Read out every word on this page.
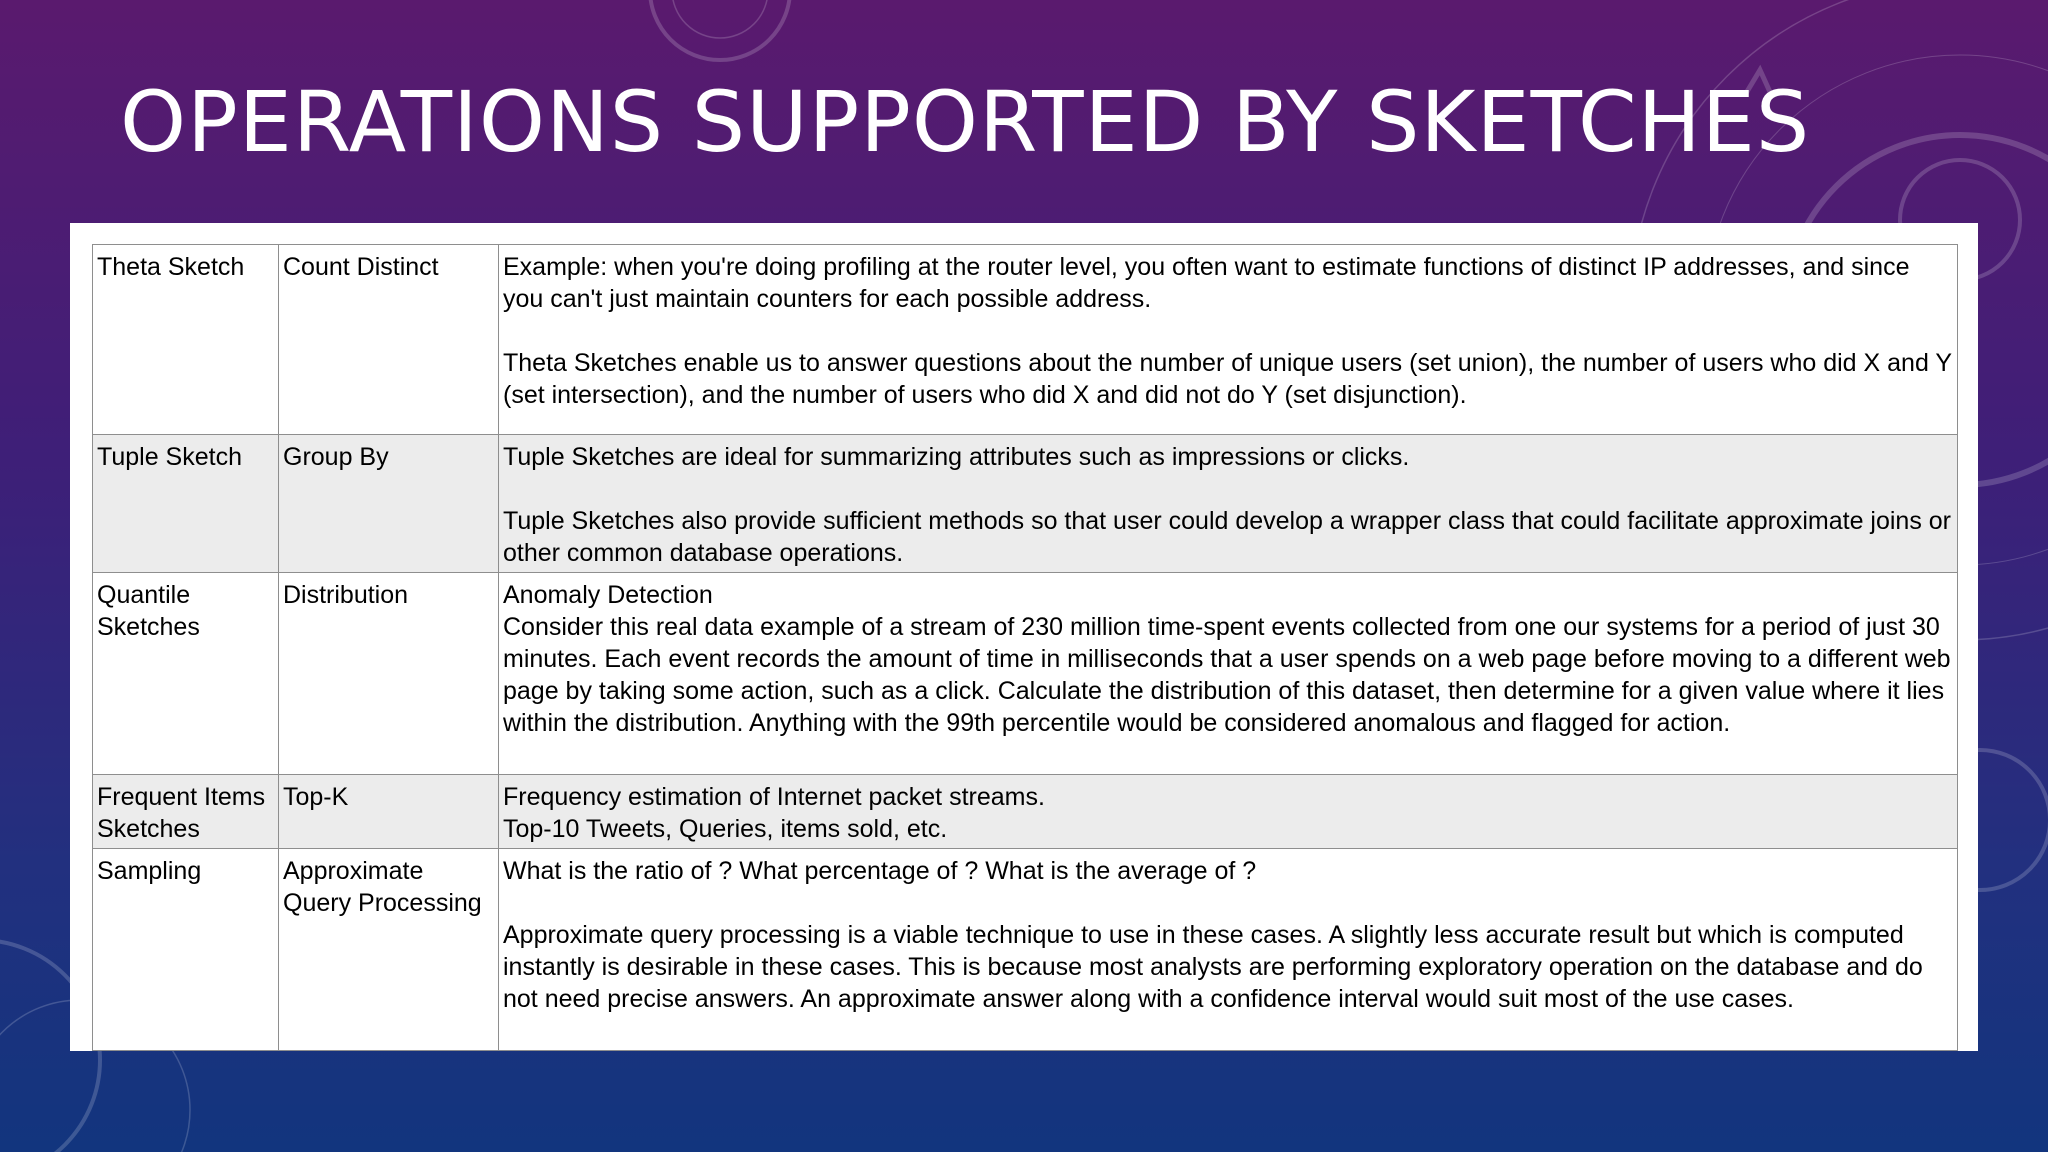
OPERATIONS SUPPORTED BY SKETCHES
Theta Sketch	Count Distinct	Example: when you're doing profiling at the router level, you often want to estimate functions of distinct IP addresses, and since you can't just maintain counters for each possible address.
Theta Sketches enable us to answer questions about the number of unique users (set union), the number of users who did X and Y (set intersection), and the number of users who did X and did not do Y (set disjunction).

Tuple Sketch	Group By	Tuple Sketches are ideal for summarizing attributes such as impressions or clicks.
Tuple Sketches also provide sufficient methods so that user could develop a wrapper class that could facilitate approximate joins or other common database operations.

Quantile Sketches	Distribution	Anomaly Detection
Consider this real data example of a stream of 230 million time-spent events collected from one our systems for a period of just 30 minutes. Each event records the amount of time in milliseconds that a user spends on a web page before moving to a different web page by taking some action, such as a click. Calculate the distribution of this dataset, then determine for a given value where it lies within the distribution. Anything with the 99th percentile would be considered anomalous and flagged for action.

Frequent Items Sketches	Top-K	Frequency estimation of Internet packet streams.
Top-10 Tweets, Queries, items sold, etc.

Sampling	Approximate Query Processing	What is the ratio of ? What percentage of ? What is the average of ?
Approximate query processing is a viable technique to use in these cases. A slightly less accurate result but which is computed instantly is desirable in these cases. This is because most analysts are performing exploratory operation on the database and do not need precise answers. An approximate answer along with a confidence interval would suit most of the use cases.
